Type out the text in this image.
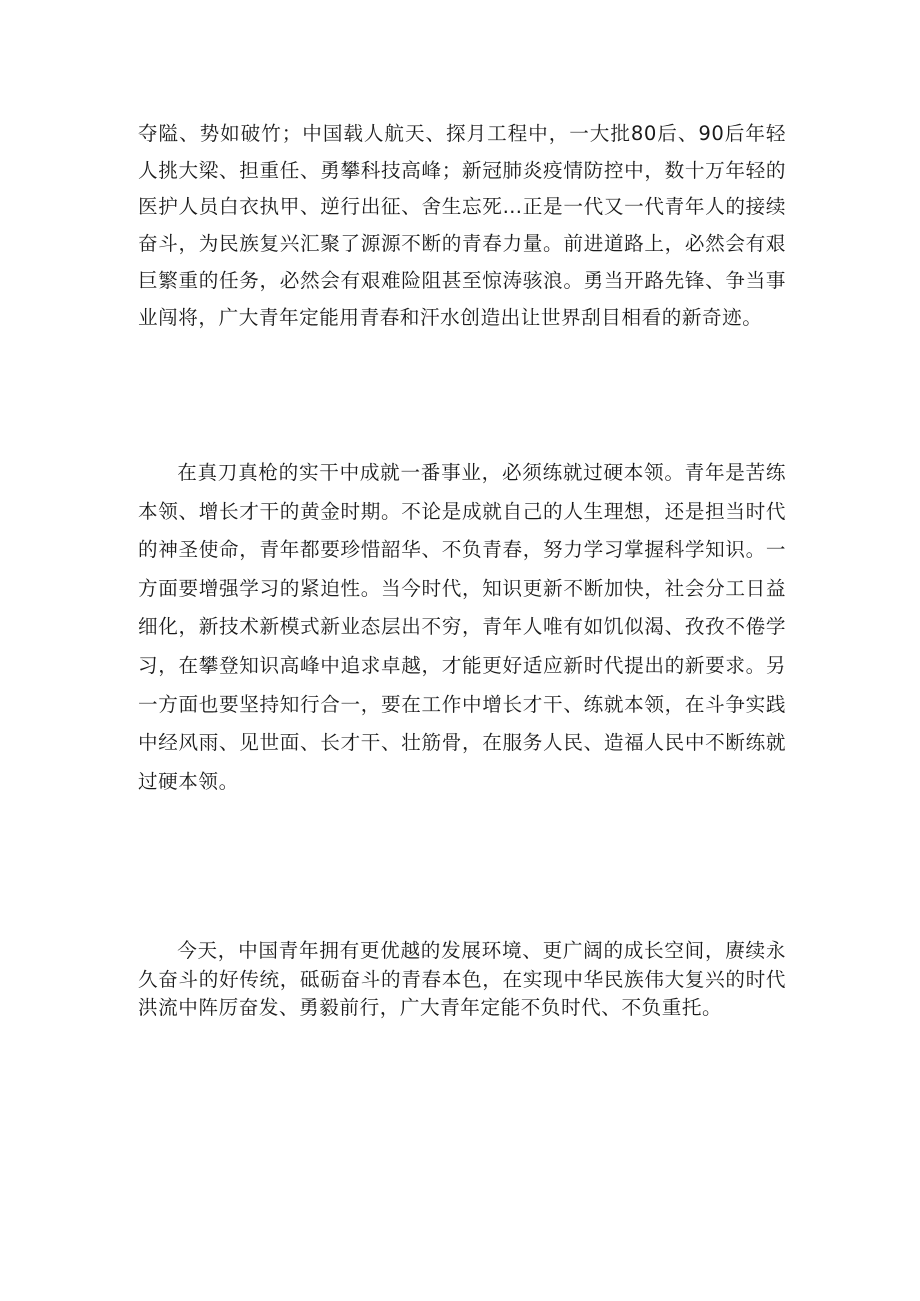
夺隘、势如破竹；中国载人航天、探月工程中，一大批80后、90后年轻人挑大梁、担重任、勇攀科技高峰；新冠肺炎疫情防控中，数十万年轻的医护人员白衣执甲、逆行出征、舍生忘死…正是一代又一代青年人的接续奋斗，为民族复兴汇聚了源源不断的青春力量。前进道路上，必然会有艰巨繁重的任务，必然会有艰难险阻甚至惊涛骇浪。勇当开路先锋、争当事业闯将，广大青年定能用青春和汗水创造出让世界刮目相看的新奇迹。

在真刀真枪的实干中成就一番事业，必须练就过硬本领。青年是苦练本领、增长才干的黄金时期。不论是成就自己的人生理想，还是担当时代的神圣使命，青年都要珍惜韶华、不负青春，努力学习掌握科学知识。一方面要增强学习的紧迫性。当今时代，知识更新不断加快，社会分工日益细化，新技术新模式新业态层出不穷，青年人唯有如饥似渴、孜孜不倦学习，在攀登知识高峰中追求卓越，才能更好适应新时代提出的新要求。另一方面也要坚持知行合一，要在工作中增长才干、练就本领，在斗争实践中经风雨、见世面、长才干、壮筋骨，在服务人民、造福人民中不断练就过硬本领。

今天，中国青年拥有更优越的发展环境、更广阔的成长空间，赓续永久奋斗的好传统，砥砺奋斗的青春本色，在实现中华民族伟大复兴的时代洪流中阵厉奋发、勇毅前行，广大青年定能不负时代、不负重托。
